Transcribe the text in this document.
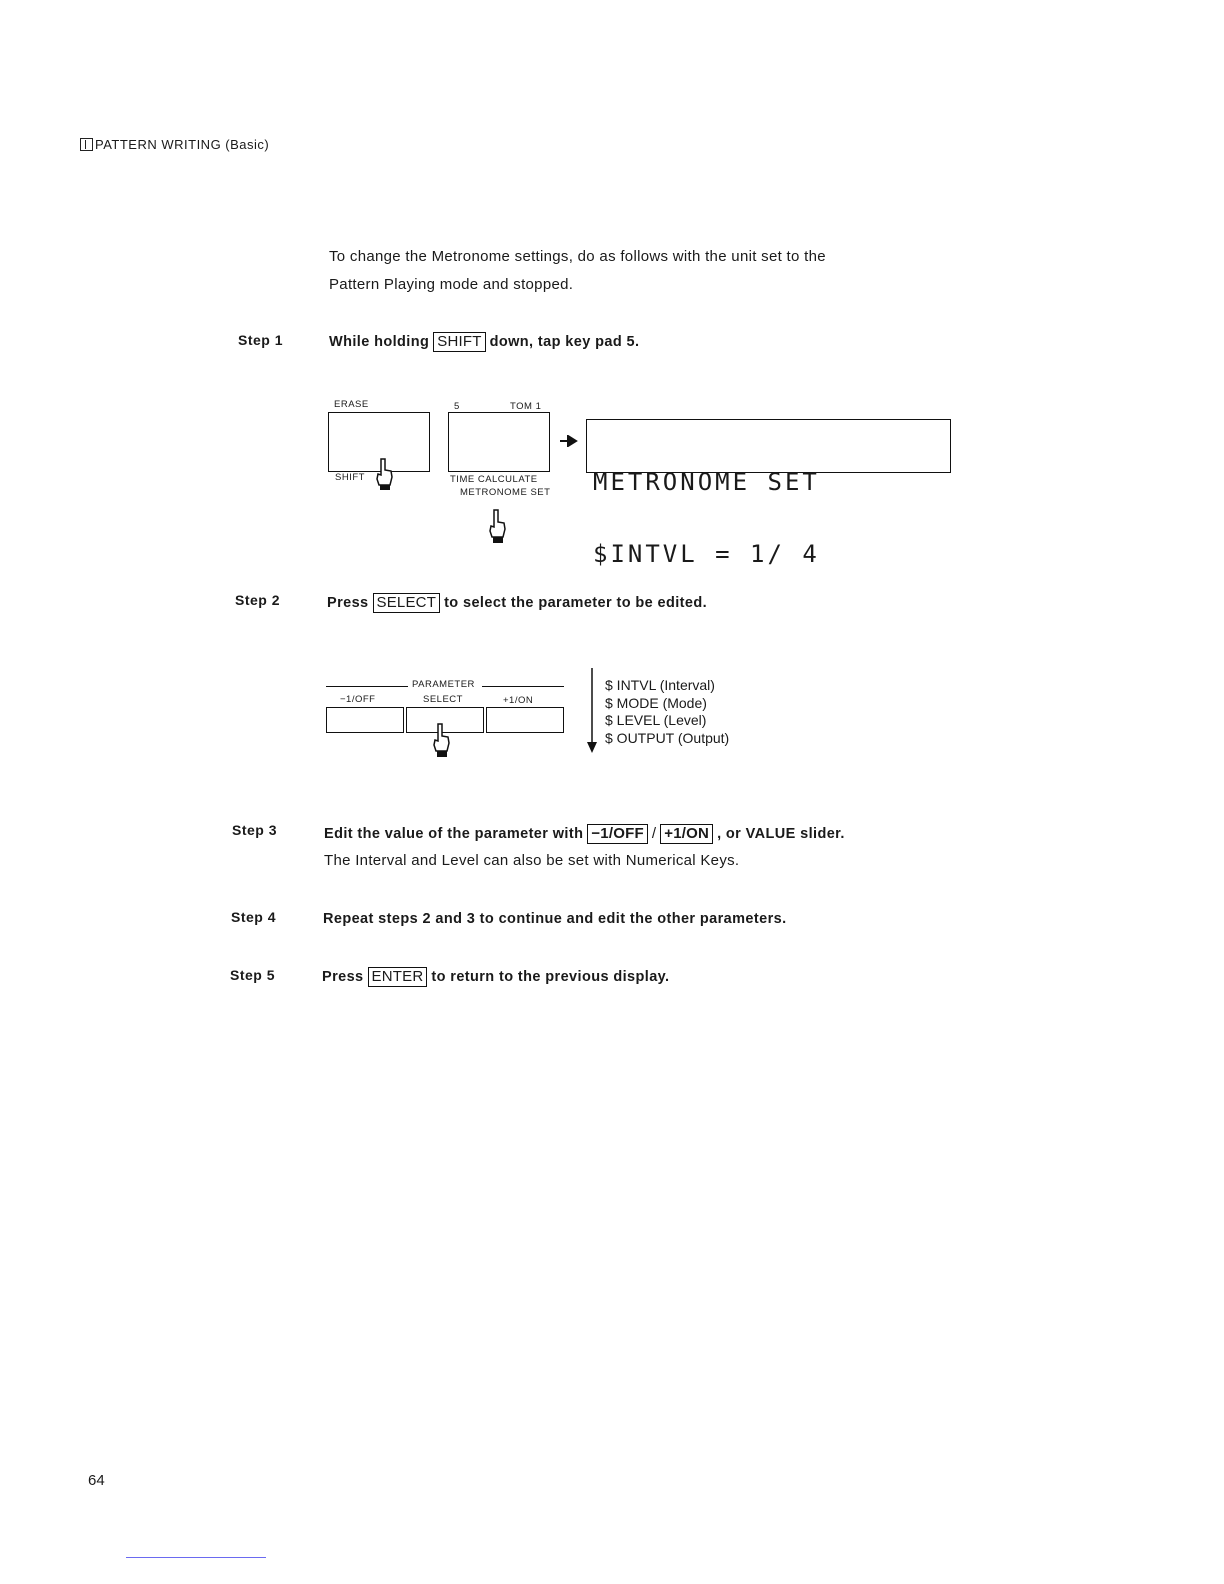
PATTERN WRITING (Basic)
To change the Metronome settings, do as follows with the unit set to the
Pattern Playing mode and stopped.
Step 1	While holding SHIFT down, tap key pad 5.
ERASE
SHIFT
5	TOM 1
TIME CALCULATE
METRONOME SET

METRONOME SET

$INTVL = 1/ 4

Step 2	Press SELECT to select the parameter to be edited.
PARAMETER
−1/OFF	SELECT	+1/ON
$ INTVL (Interval)
$ MODE (Mode)
$ LEVEL (Level)
$ OUTPUT (Output)
Step 3	Edit the value of the parameter with −1/OFF / +1/ON , or VALUE slider.
The Interval and Level can also be set with Numerical Keys.
Step 4	Repeat steps 2 and 3 to continue and edit the other parameters.
Step 5	Press ENTER to return to the previous display.
64
